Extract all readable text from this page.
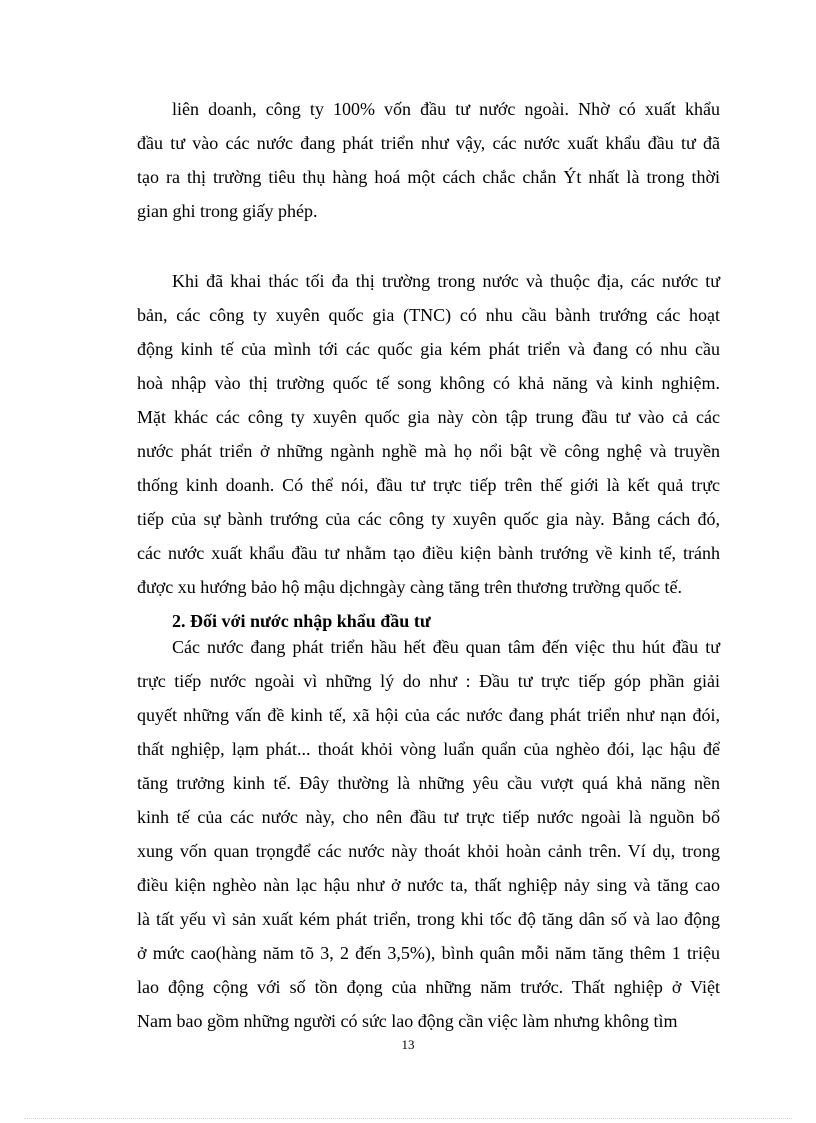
liên doanh, công ty 100% vốn đầu tư nước ngoài. Nhờ có xuất khẩu
đầu tư vào các nước đang phát triển như vậy, các nước xuất khẩu đầu tư đã
tạo ra thị trường tiêu thụ hàng hoá một cách chắc chắn Ýt nhất là trong thời
gian ghi trong giấy phép.
Khi đã khai thác tối đa thị trường trong nước và thuộc địa, các nước tư
bản, các công ty xuyên quốc gia (TNC) có nhu cầu bành trướng các hoạt
động kinh tế của mình tới các quốc gia kém phát triển và đang có nhu cầu
hoà nhập vào thị trường quốc tế song không có khả năng và kinh nghiệm.
Mặt khác các công ty xuyên quốc gia này còn tập trung đầu tư vào cả các
nước phát triển ở những ngành nghề mà họ nổi bật về công nghệ và truyền
thống kinh doanh. Có thể nói, đầu tư trực tiếp trên thế giới là kết quả trực
tiếp của sự bành trướng của các công ty xuyên quốc gia này. Bằng cách đó,
các nước xuất khẩu đầu tư nhằm tạo điều kiện bành trướng về kinh tế, tránh
được xu hướng bảo hộ mậu dịchngày càng tăng trên thương trường quốc tế.
2. Đối với nước nhập khẩu đầu tư
Các nước đang phát triển hầu hết đều quan tâm đến việc thu hút đầu tư
trực tiếp nước ngoài vì những lý do như : Đầu tư trực tiếp góp phần giải
quyết những vấn đề kinh tế, xã hội của các nước đang phát triển như nạn đói,
thất nghiệp, lạm phát... thoát khỏi vòng luẩn quẩn của nghèo đói, lạc hậu để
tăng trưởng kinh tế. Đây thường là những yêu cầu vượt quá khả năng nền
kinh tế của các nước này, cho nên đầu tư trực tiếp nước ngoài là nguồn bổ
xung vốn quan trọngđể các nước này thoát khỏi hoàn cảnh trên. Ví dụ, trong
điều kiện nghèo nàn lạc hậu như ở nước ta, thất nghiệp nảy sing và tăng cao
là tất yếu vì sản xuất kém phát triển, trong khi tốc độ tăng dân số và lao động
ở mức cao(hàng năm tõ 3, 2 đến 3,5%), bình quân mỗi năm tăng thêm 1 triệu
lao động cộng với số tồn đọng của những năm trước. Thất nghiệp ở Việt
Nam bao gồm những người có sức lao động cần việc làm nhưng không tìm
13
